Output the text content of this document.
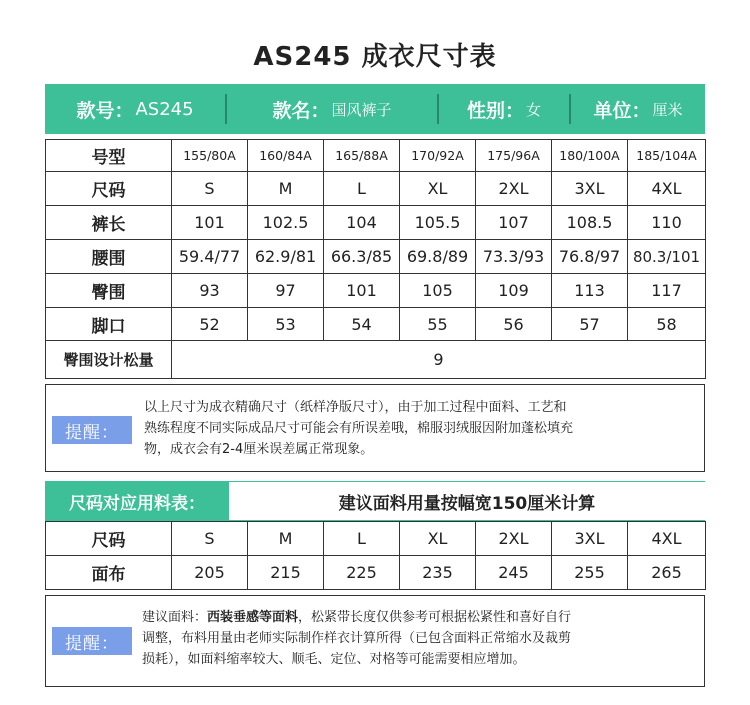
AS245 成衣尺寸表
款号： AS245	款名： 国风裤子	性别： 女	单位： 厘米
号型	155/80A	160/84A	165/88A	170/92A	175/96A	180/100A	185/104A
尺码	S	M	L	XL	2XL	3XL	4XL
裤长	101	102.5	104	105.5	107	108.5	110
腰围	59.4/77	62.9/81	66.3/85	69.8/89	73.3/93	76.8/97	80.3/101
臀围	93	97	101	105	109	113	117
脚口	52	53	54	55	56	57	58
臀围设计松量	9						
提醒：
以上尺寸为成衣精确尺寸（纸样净版尺寸），由于加工过程中面料、工艺和
熟练程度不同实际成品尺寸可能会有所误差哦，棉服羽绒服因附加蓬松填充
物，成衣会有2-4厘米误差属正常现象。
尺码对应用料表：	建议面料用量按幅宽150厘米计算
尺码	S	M	L	XL	2XL	3XL	4XL
面布	205	215	225	235	245	255	265
提醒：
建议面料：西装垂感等面料，松紧带长度仅供参考可根据松紧性和喜好自行
调整，布料用量由老师实际制作样衣计算所得（已包含面料正常缩水及裁剪
损耗），如面料缩率较大、顺毛、定位、对格等可能需要相应增加。
